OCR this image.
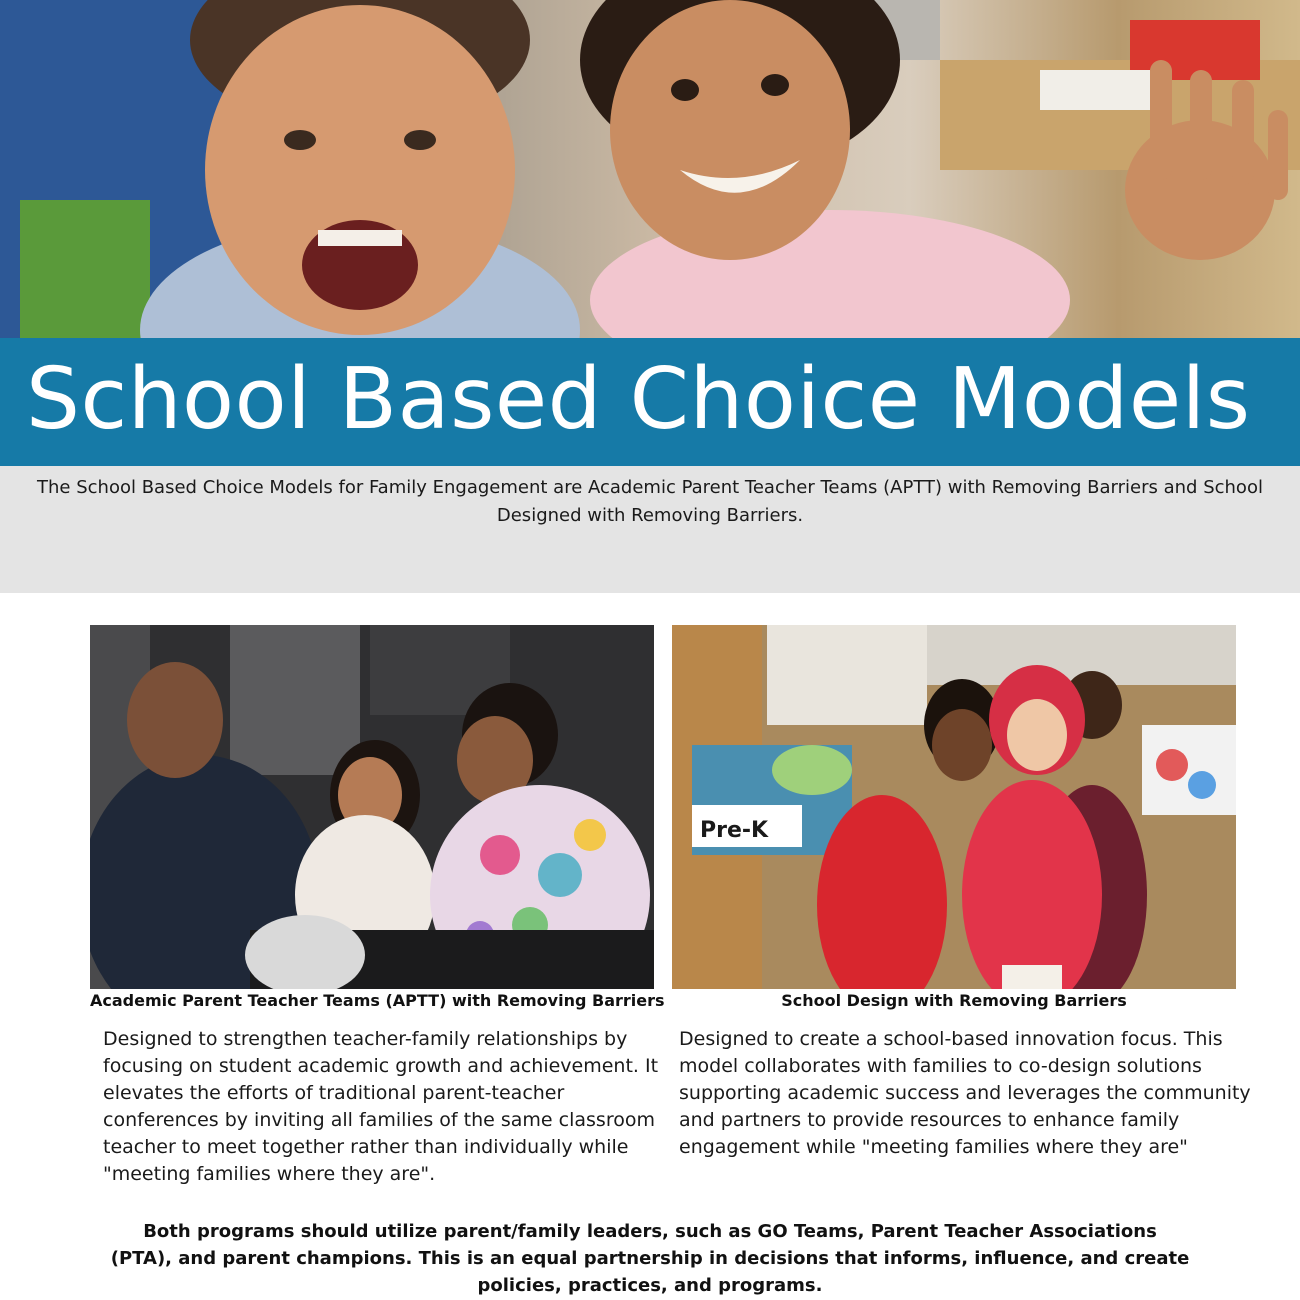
School Based Choice Models
The School Based Choice Models for Family Engagement are Academic Parent Teacher Teams (APTT) with Removing Barriers and School Designed with Removing Barriers.
Pre-K
Academic Parent Teacher Teams (APTT) with Removing Barriers	School Design with Removing Barriers
Designed to strengthen teacher-family relationships by focusing on student academic growth and achievement. It elevates the efforts of traditional parent-teacher conferences by inviting all families of the same classroom teacher to meet together rather than individually while "meeting families where they are".
Designed to create a school-based innovation focus. This model collaborates with families to co-design solutions supporting academic success and leverages the community and partners to provide resources to enhance family engagement while "meeting families where they are"
Both programs should utilize parent/family leaders, such as GO Teams, Parent Teacher Associations (PTA), and parent champions. This is an equal partnership in decisions that informs, influence, and create policies, practices, and programs.
